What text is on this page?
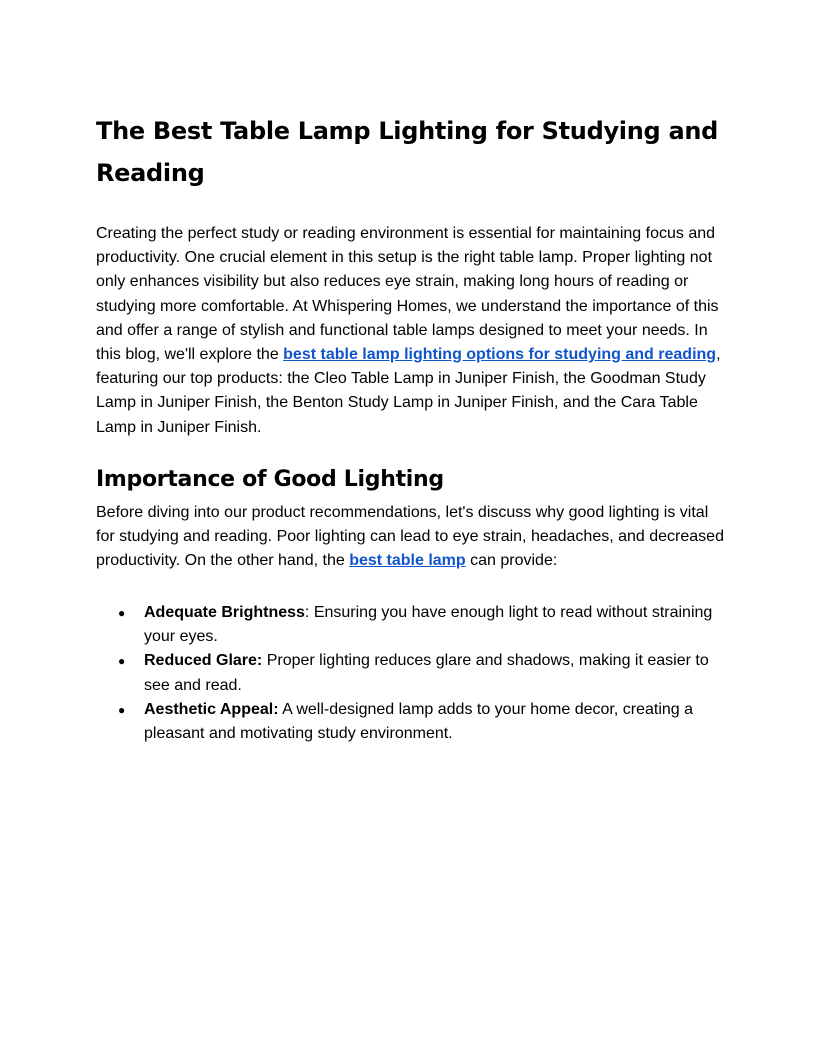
The Best Table Lamp Lighting for Studying and Reading

Creating the perfect study or reading environment is essential for maintaining focus and productivity. One crucial element in this setup is the right table lamp. Proper lighting not only enhances visibility but also reduces eye strain, making long hours of reading or studying more comfortable. At Whispering Homes, we understand the importance of this and offer a range of stylish and functional table lamps designed to meet your needs. In this blog, we'll explore the best table lamp lighting options for studying and reading, featuring our top products: the Cleo Table Lamp in Juniper Finish, the Goodman Study Lamp in Juniper Finish, the Benton Study Lamp in Juniper Finish, and the Cara Table Lamp in Juniper Finish.

Importance of Good Lighting

Before diving into our product recommendations, let's discuss why good lighting is vital for studying and reading. Poor lighting can lead to eye strain, headaches, and decreased productivity. On the other hand, the best table lamp can provide:

● Adequate Brightness: Ensuring you have enough light to read without straining your eyes.
● Reduced Glare: Proper lighting reduces glare and shadows, making it easier to see and read.
● Aesthetic Appeal: A well-designed lamp adds to your home decor, creating a pleasant and motivating study environment.
